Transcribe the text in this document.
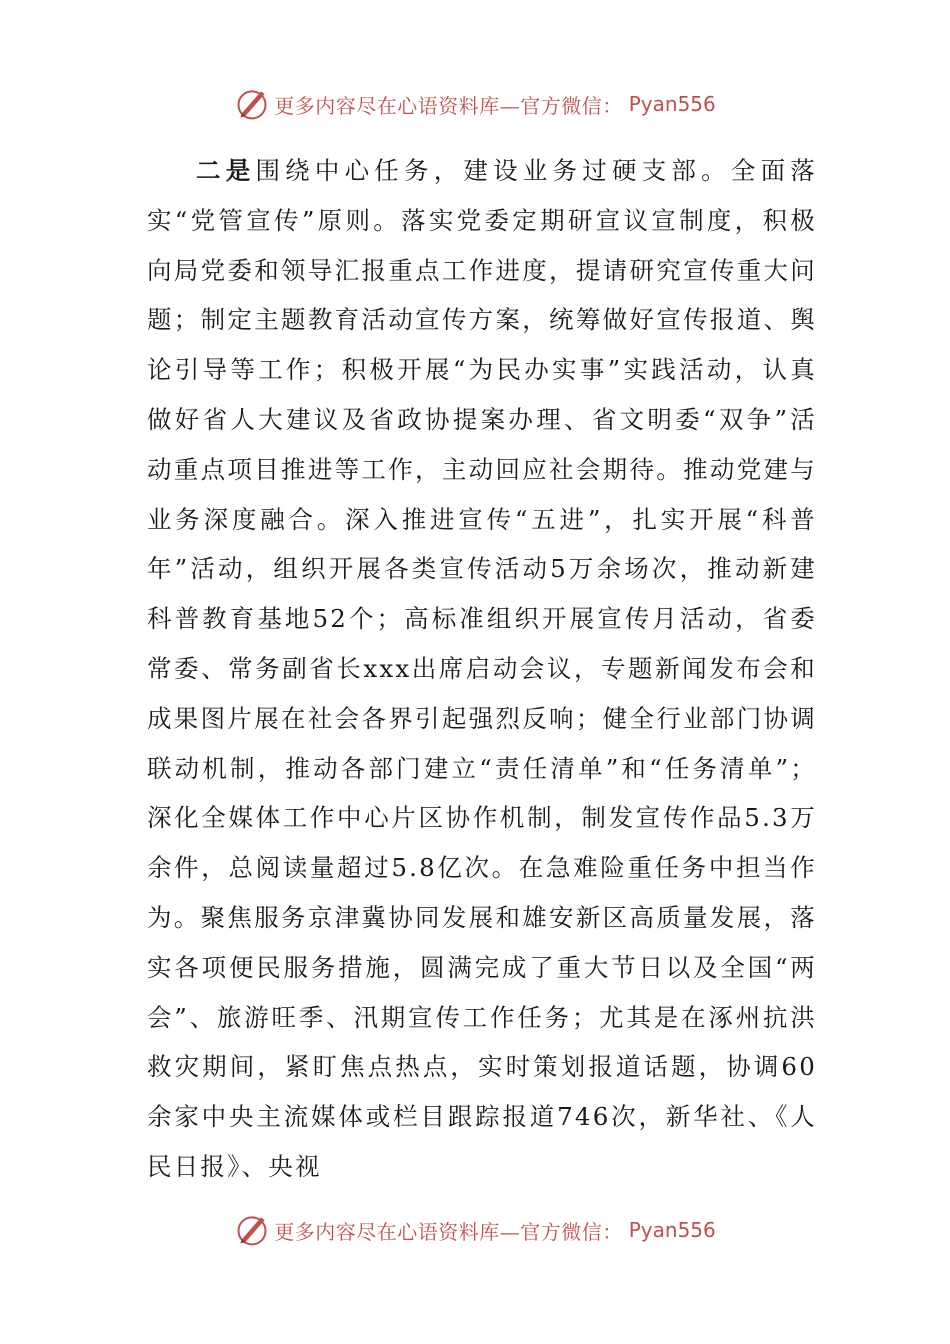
更多内容尽在心语资料库—官方微信： Pyan556

二是围绕中心任务，建设业务过硬支部。全面落实“党管宣传”原则。落实党委定期研宣议宣制度，积极向局党委和领导汇报重点工作进度，提请研究宣传重大问题；制定主题教育活动宣传方案，统筹做好宣传报道、舆论引导等工作；积极开展“为民办实事”实践活动，认真做好省人大建议及省政协提案办理、省文明委“双争”活动重点项目推进等工作，主动回应社会期待。推动党建与业务深度融合。深入推进宣传“五进”，扎实开展“科普年”活动，组织开展各类宣传活动5万余场次，推动新建科普教育基地52个；高标准组织开展宣传月活动，省委常委、常务副省长xxx出席启动会议，专题新闻发布会和成果图片展在社会各界引起强烈反响；健全行业部门协调联动机制，推动各部门建立“责任清单”和“任务清单”；深化全媒体工作中心片区协作机制，制发宣传作品5.3万余件，总阅读量超过5.8亿次。在急难险重任务中担当作为。聚焦服务京津冀协同发展和雄安新区高质量发展，落实各项便民服务措施，圆满完成了重大节日以及全国“两会”、旅游旺季、汛期宣传工作任务；尤其是在涿州抗洪救灾期间，紧盯焦点热点，实时策划报道话题，协调60余家中央主流媒体或栏目跟踪报道746次，新华社、《人民日报》、央视

更多内容尽在心语资料库—官方微信： Pyan556
